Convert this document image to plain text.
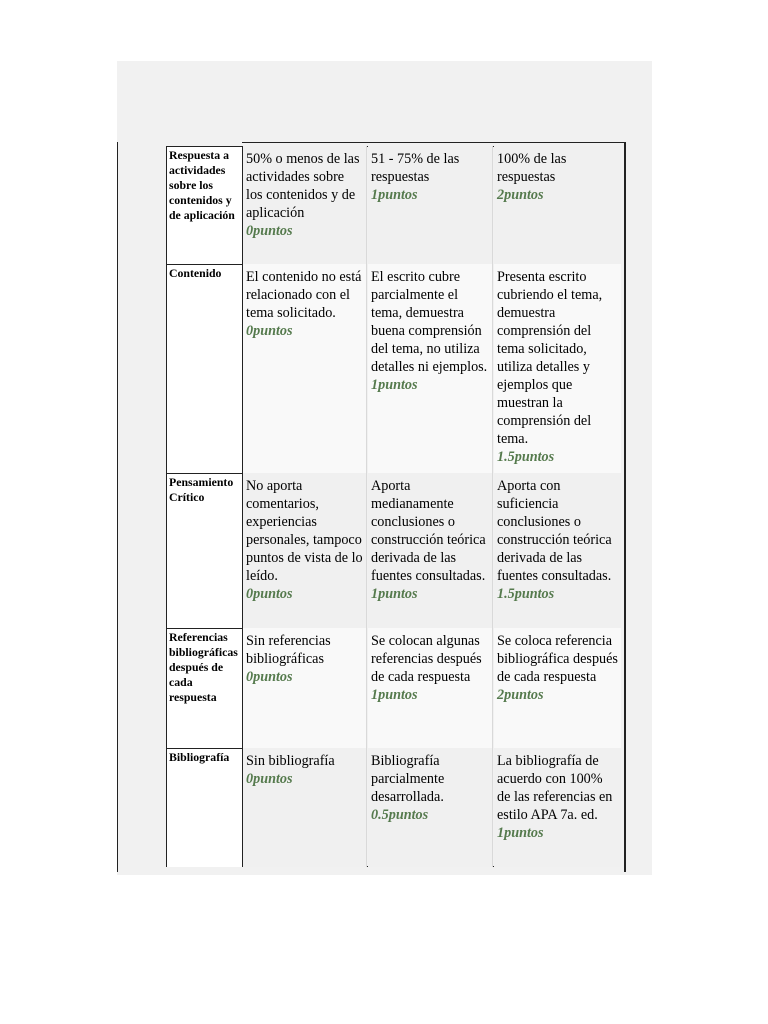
Respuesta a actividades sobre los contenidos y de aplicación
50% o menos de las actividades sobre los contenidos y de aplicación
0puntos
51 - 75% de las respuestas
1puntos
100% de las respuestas
2puntos
Contenido	El contenido no está relacionado con el tema solicitado.
0puntos
El escrito cubre parcialmente el tema, demuestra buena comprensión del tema, no utiliza detalles ni ejemplos.
1puntos
Presenta escrito cubriendo el tema, demuestra comprensión del tema solicitado, utiliza detalles y ejemplos que muestran la comprensión del tema.
1.5puntos
Pensamiento Crítico
No aporta comentarios, experiencias personales, tampoco puntos de vista de lo leído.
0puntos
Aporta medianamente conclusiones o construcción teórica derivada de las fuentes consultadas.
1puntos
Aporta con suficiencia conclusiones o construcción teórica derivada de las fuentes consultadas.
1.5puntos
Referencias bibliográficas después de cada respuesta
Sin referencias bibliográficas
0puntos
Se colocan algunas referencias después de cada respuesta
1puntos
Se coloca referencia bibliográfica después de cada respuesta
2puntos
Bibliografía	Sin bibliografía
0puntos
Bibliografía parcialmente desarrollada.
0.5puntos
La bibliografía de acuerdo con 100% de las referencias en estilo APA 7a. ed.
1puntos
